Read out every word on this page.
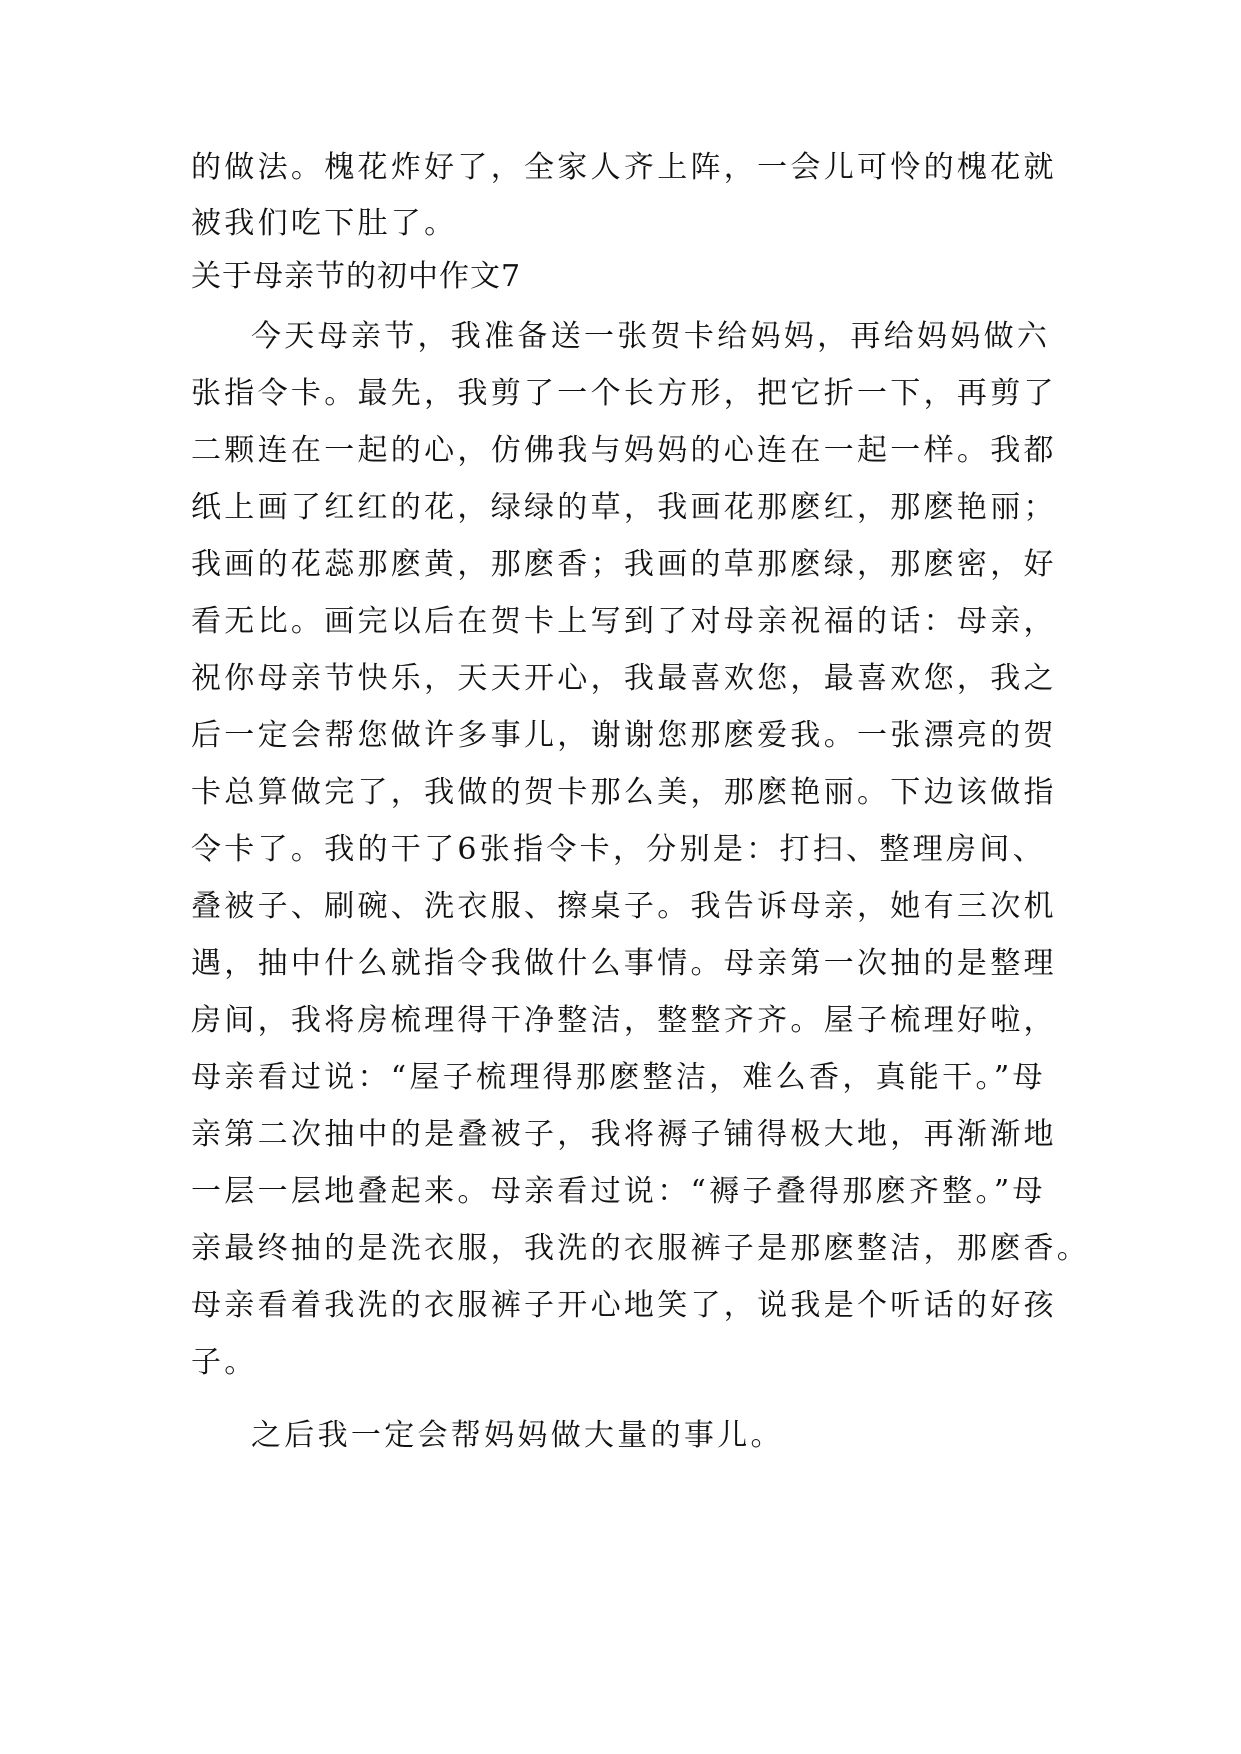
的做法。槐花炸好了，全家人齐上阵，一会儿可怜的槐花就
被我们吃下肚了。
关于母亲节的初中作文7
今天母亲节，我准备送一张贺卡给妈妈，再给妈妈做六
张指令卡。最先，我剪了一个长方形，把它折一下，再剪了
二颗连在一起的心，仿佛我与妈妈的心连在一起一样。我都
纸上画了红红的花，绿绿的草，我画花那麽红，那麽艳丽；
我画的花蕊那麽黄，那麽香；我画的草那麽绿，那麽密，好
看无比。画完以后在贺卡上写到了对母亲祝福的话：母亲，
祝你母亲节快乐，天天开心，我最喜欢您，最喜欢您，我之
后一定会帮您做许多事儿，谢谢您那麽爱我。一张漂亮的贺
卡总算做完了，我做的贺卡那么美，那麽艳丽。下边该做指
令卡了。我的干了6张指令卡，分别是：打扫、整理房间、
叠被子、刷碗、洗衣服、擦桌子。我告诉母亲，她有三次机
遇，抽中什么就指令我做什么事情。母亲第一次抽的是整理
房间，我将房梳理得干净整洁，整整齐齐。屋子梳理好啦，
母亲看过说：“屋子梳理得那麽整洁，难么香，真能干。”母
亲第二次抽中的是叠被子，我将褥子铺得极大地，再渐渐地
一层一层地叠起来。母亲看过说：“褥子叠得那麽齐整。”母
亲最终抽的是洗衣服，我洗的衣服裤子是那麽整洁，那麽香。
母亲看着我洗的衣服裤子开心地笑了，说我是个听话的好孩
子。
之后我一定会帮妈妈做大量的事儿。
